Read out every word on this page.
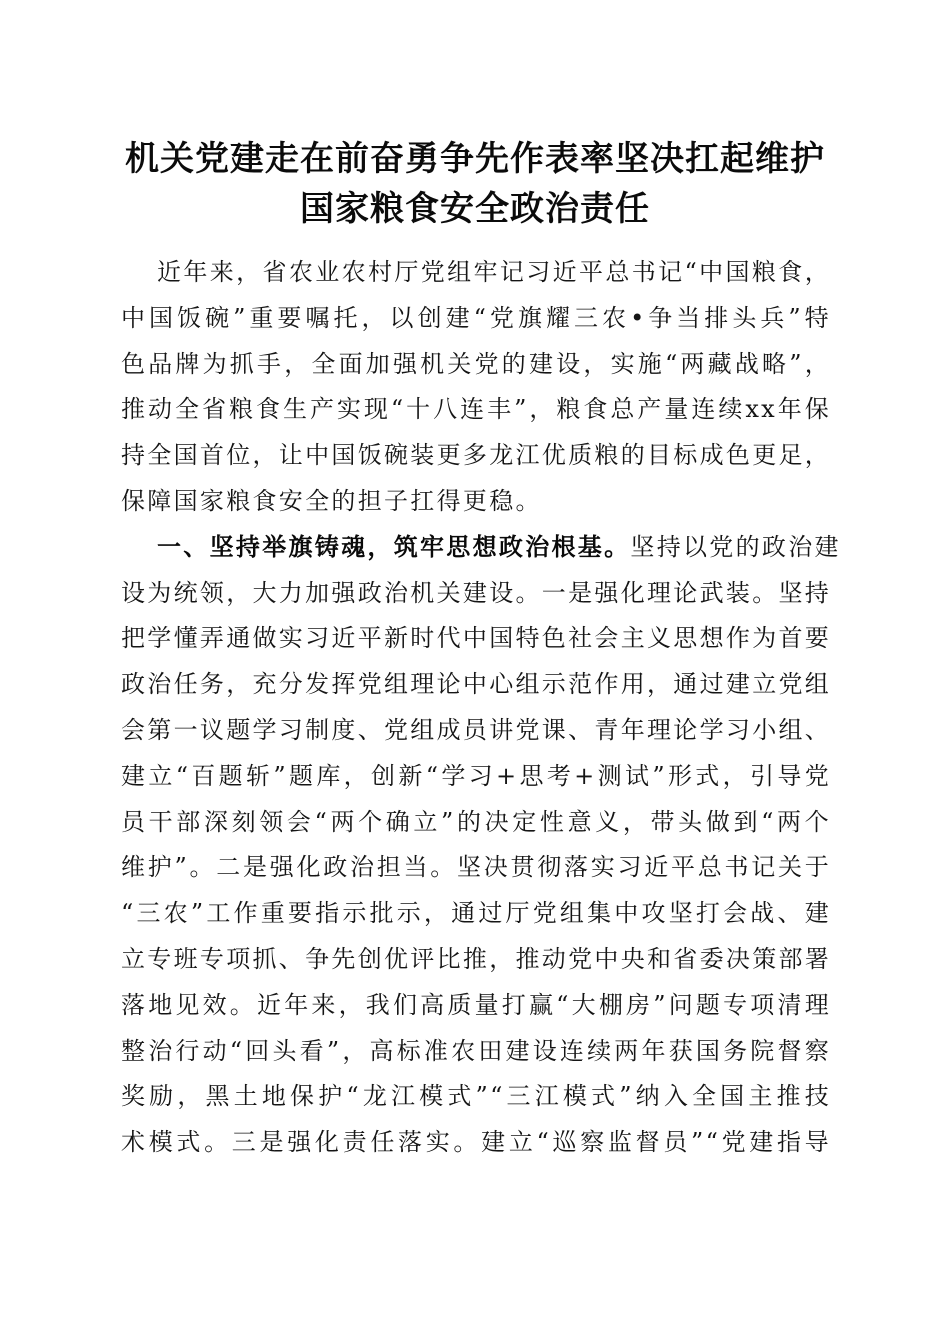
机关党建走在前奋勇争先作表率坚决扛起维护
国家粮食安全政治责任
近年来，省农业农村厅党组牢记习近平总书记“中国粮食，
中国饭碗”重要嘱托，以创建“党旗耀三农•争当排头兵”特
色品牌为抓手，全面加强机关党的建设，实施“两藏战略”，
推动全省粮食生产实现“十八连丰”，粮食总产量连续xx年保
持全国首位，让中国饭碗装更多龙江优质粮的目标成色更足，
保障国家粮食安全的担子扛得更稳。
一、坚持举旗铸魂，筑牢思想政治根基。坚持以党的政治建
设为统领，大力加强政治机关建设。一是强化理论武装。坚持
把学懂弄通做实习近平新时代中国特色社会主义思想作为首要
政治任务，充分发挥党组理论中心组示范作用，通过建立党组
会第一议题学习制度、党组成员讲党课、青年理论学习小组、
建立“百题斩”题库，创新“学习+思考+测试”形式，引导党
员干部深刻领会“两个确立”的决定性意义，带头做到“两个
维护”。二是强化政治担当。坚决贯彻落实习近平总书记关于
“三农”工作重要指示批示，通过厅党组集中攻坚打会战、建
立专班专项抓、争先创优评比推，推动党中央和省委决策部署
落地见效。近年来，我们高质量打赢“大棚房”问题专项清理
整治行动“回头看”，高标准农田建设连续两年获国务院督察
奖励，黑土地保护“龙江模式”“三江模式”纳入全国主推技
术模式。三是强化责任落实。建立“巡察监督员”“党建指导
